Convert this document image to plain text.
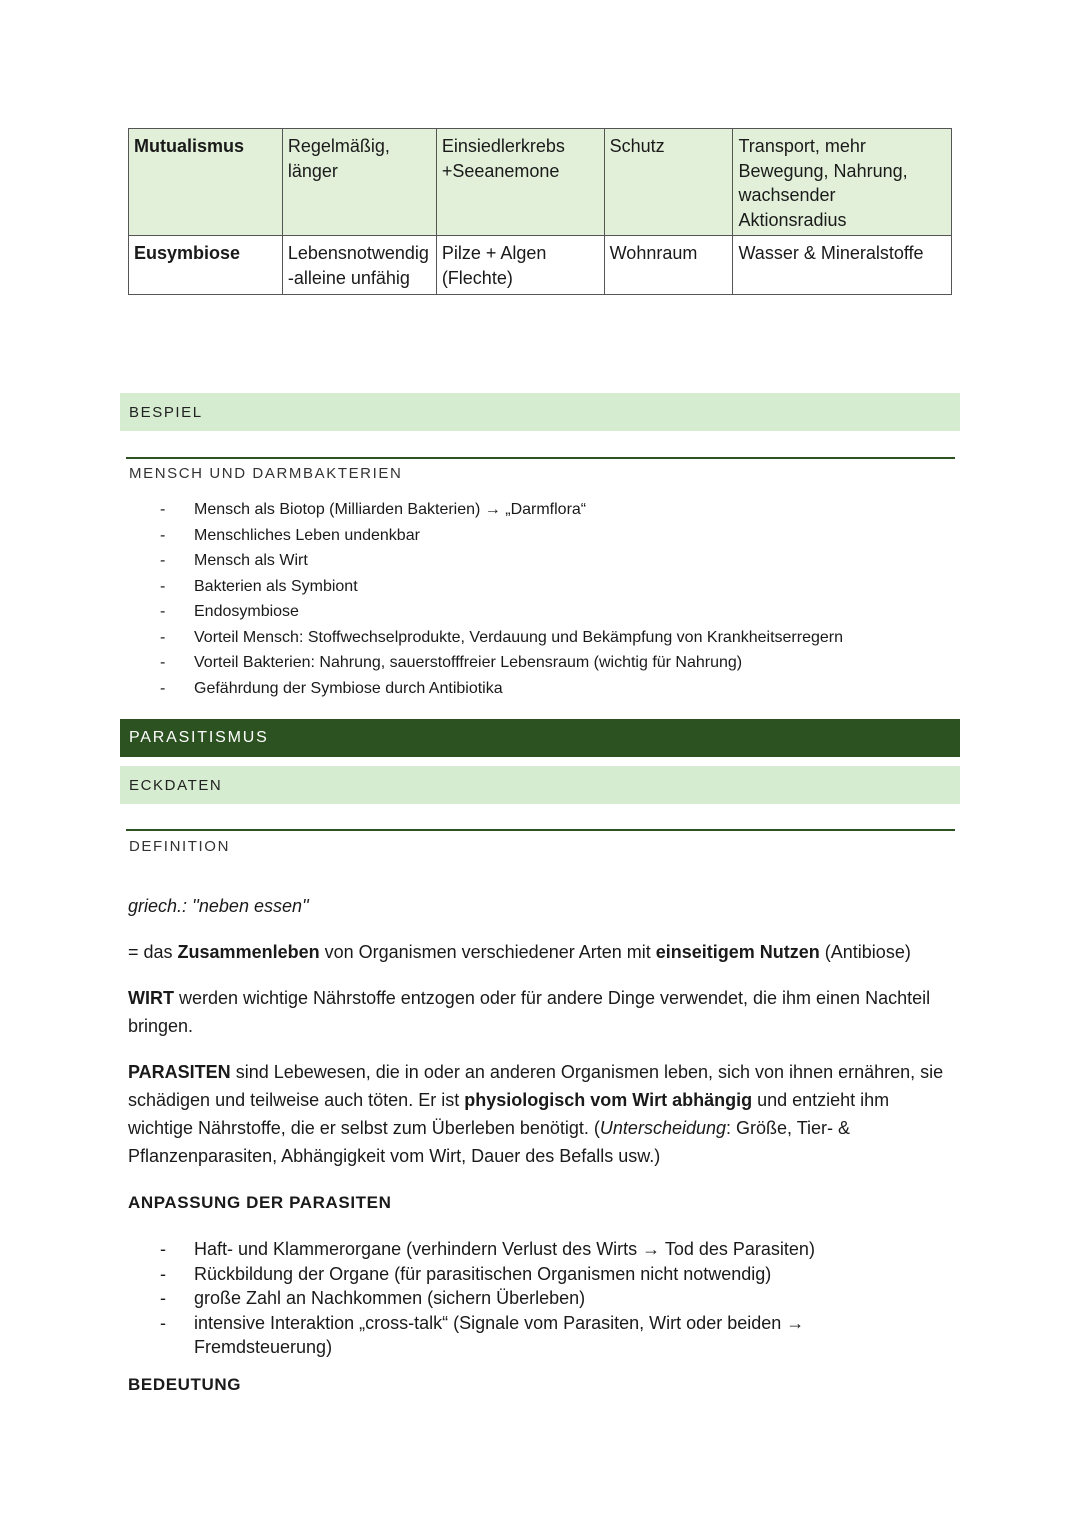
Mutualismus	Regelmäßig, länger	Einsiedlerkrebs +Seeanemone	Schutz	Transport, mehr Bewegung, Nahrung, wachsender Aktionsradius
Eusymbiose	Lebensnotwendig -alleine unfähig	Pilze + Algen (Flechte)	Wohnraum	Wasser & Mineralstoffe
BESPIEL
MENSCH UND DARMBAKTERIEN
- Mensch als Biotop (Milliarden Bakterien) → „Darmflora“
- Menschliches Leben undenkbar
- Mensch als Wirt
- Bakterien als Symbiont
- Endosymbiose
- Vorteil Mensch: Stoffwechselprodukte, Verdauung und Bekämpfung von Krankheitserregern
- Vorteil Bakterien: Nahrung, sauerstofffreier Lebensraum (wichtig für Nahrung)
- Gefährdung der Symbiose durch Antibiotika
PARASITISMUS
ECKDATEN
DEFINITION

griech.: ''neben essen''

= das Zusammenleben von Organismen verschiedener Arten mit einseitigem Nutzen (Antibiose)

WIRT werden wichtige Nährstoffe entzogen oder für andere Dinge verwendet, die ihm einen Nachteil bringen.

PARASITEN sind Lebewesen, die in oder an anderen Organismen leben, sich von ihnen ernähren, sie schädigen und teilweise auch töten. Er ist physiologisch vom Wirt abhängig und entzieht ihm wichtige Nährstoffe, die er selbst zum Überleben benötigt. (Unterscheidung: Größe, Tier- & Pflanzenparasiten, Abhängigkeit vom Wirt, Dauer des Befalls usw.)

ANPASSUNG DER PARASITEN
- Haft- und Klammerorgane (verhindern Verlust des Wirts → Tod des Parasiten)
- Rückbildung der Organe (für parasitischen Organismen nicht notwendig)
- große Zahl an Nachkommen (sichern Überleben)
- intensive Interaktion „cross-talk“ (Signale vom Parasiten, Wirt oder beiden → Fremdsteuerung)
BEDEUTUNG
